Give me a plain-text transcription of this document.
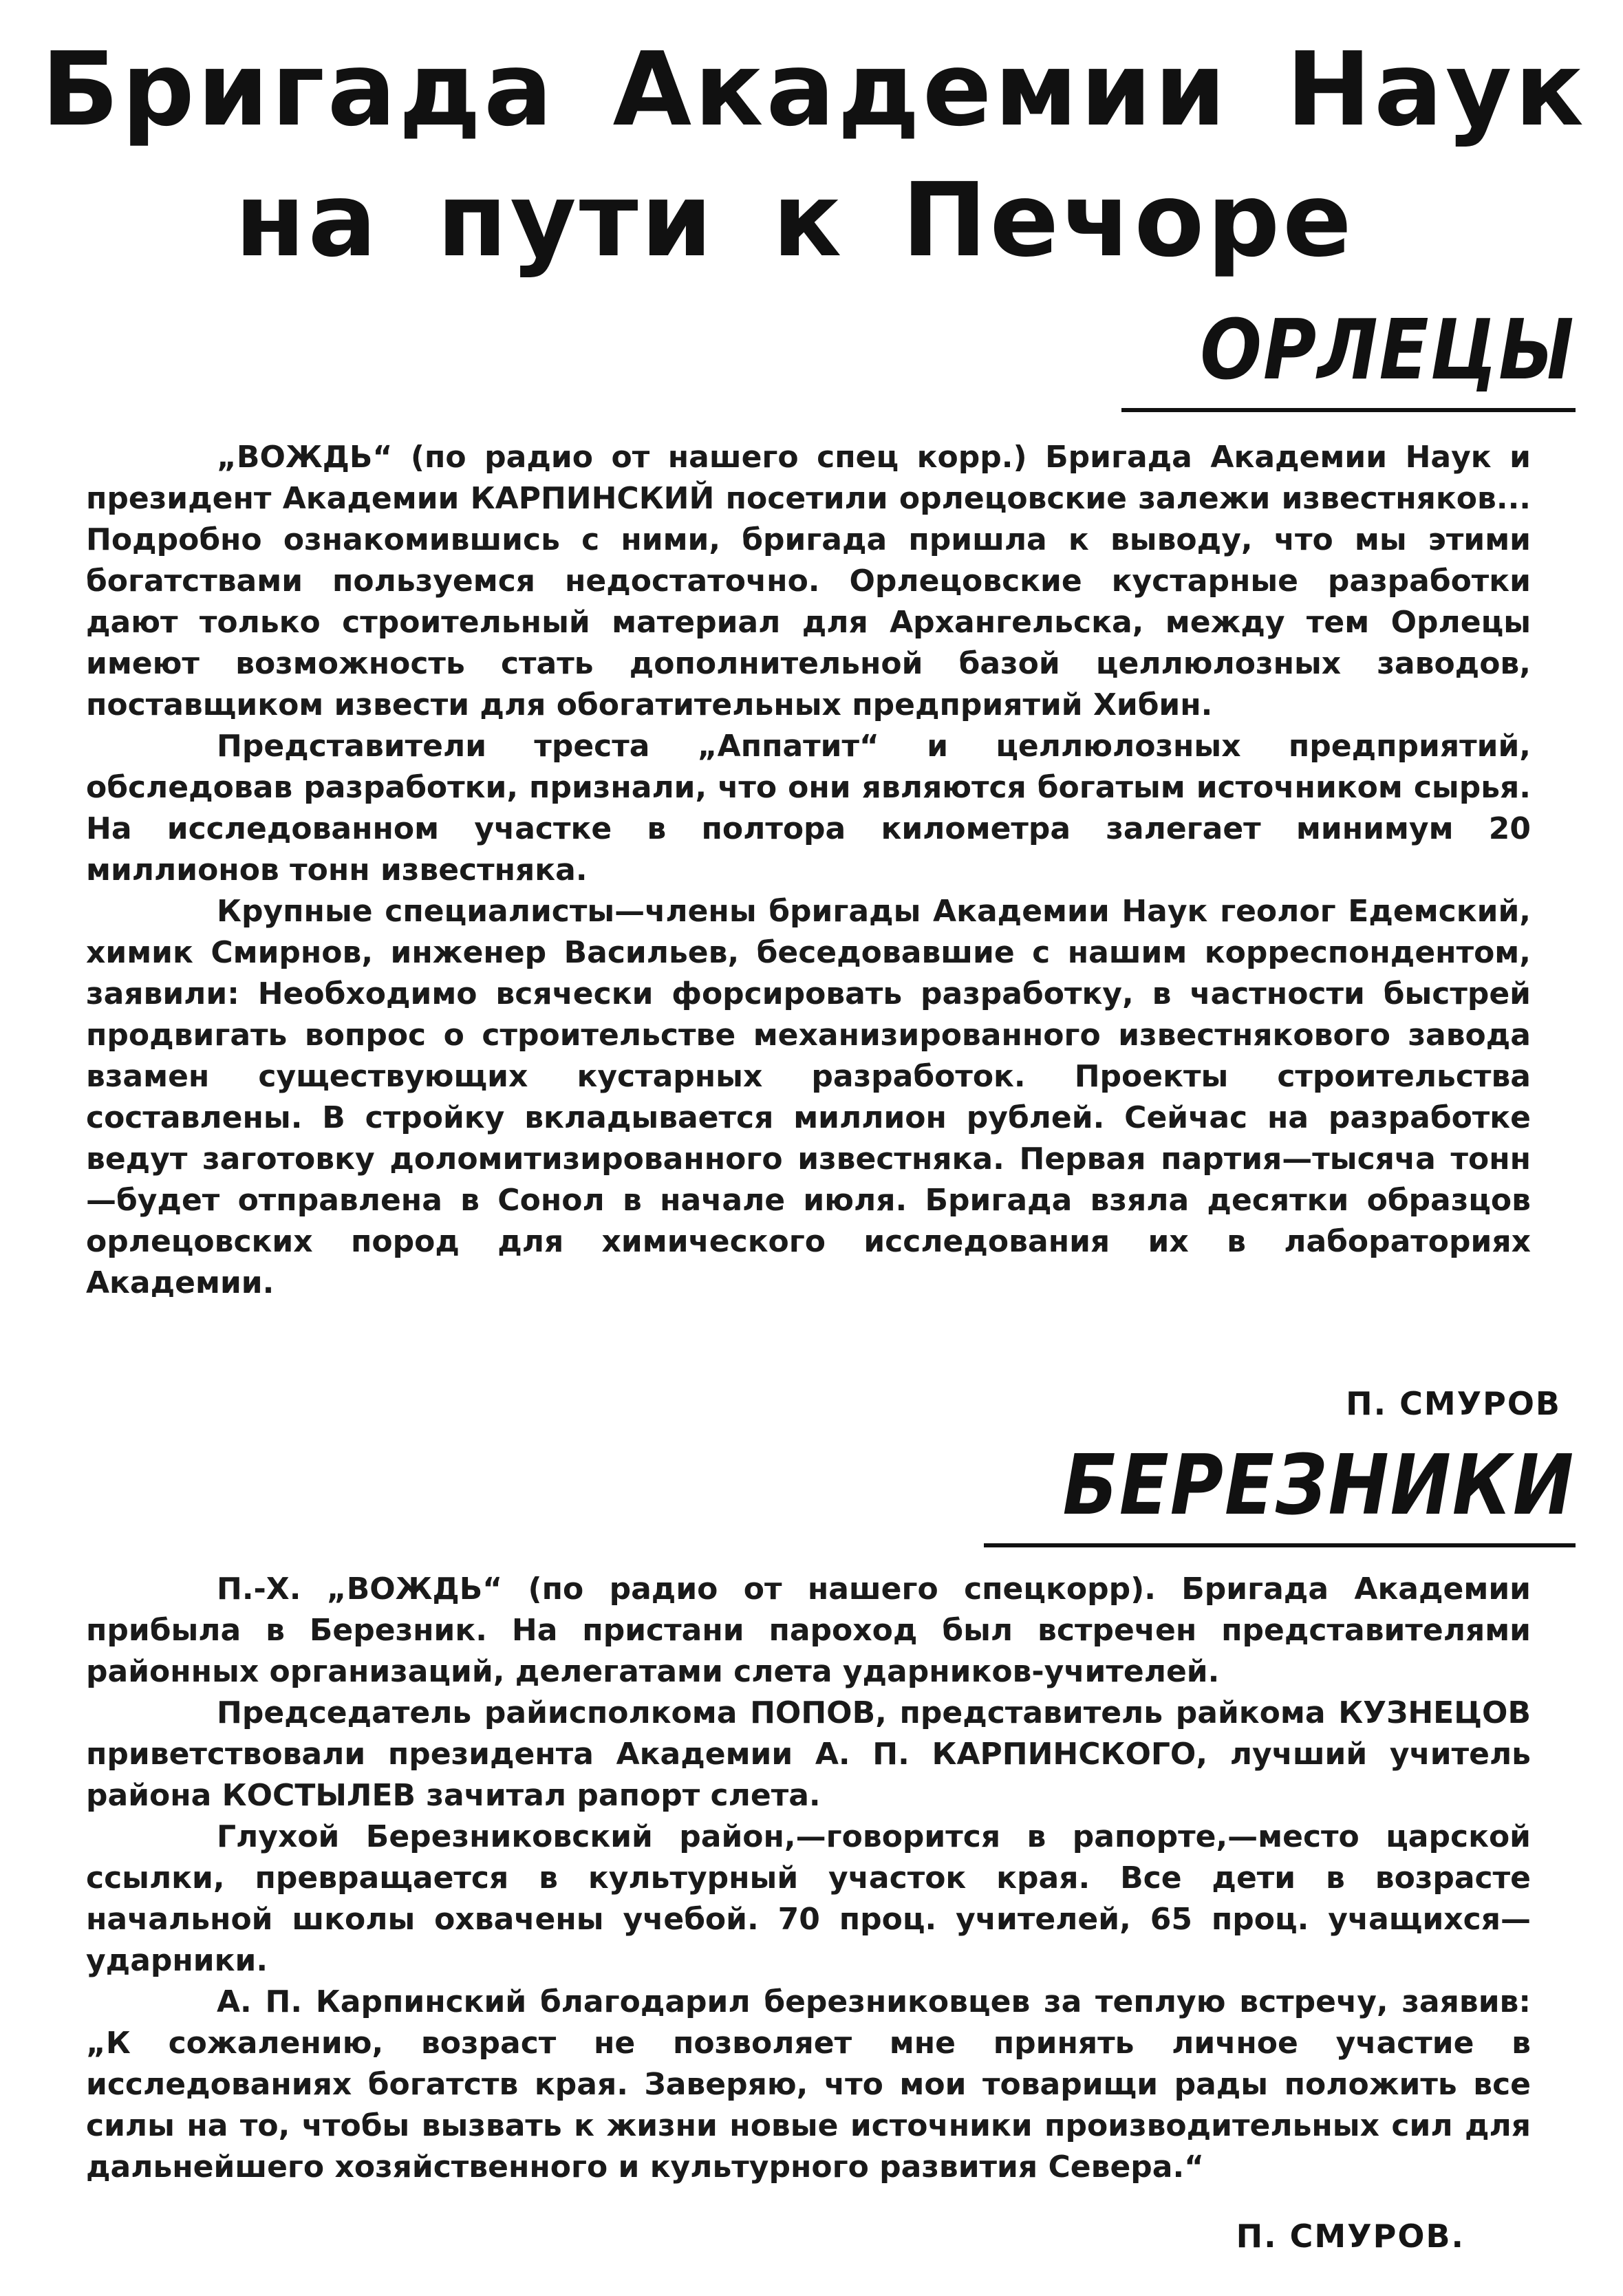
Бригада Академии Наук
на пути к Печоре
ОРЛЕЦЫ

„ВОЖДЬ“ (по радио от нашего спец корр.) Бригада Академии Наук и президент Академии КАРПИНСКИЙ посетили орлецовские залежи известняков... Подробно ознакомившись с ними, бригада пришла к выводу, что мы этими богатствами пользуемся недостаточно. Орлецовские кустарные разработки дают только строительный материал для Архангельска, между тем Орлецы имеют возможность стать дополнительной базой целлюлозных заводов, поставщиком извести для обогатительных предприятий Хибин.

Представители треста „Аппатит“ и целлюлозных предприятий, обследовав разработки, признали, что они являются богатым источником сырья. На исследованном участке в полтора километра залегает минимум 20 миллионов тонн известняка.

Крупные специалисты—члены бригады Академии Наук геолог Едемский, химик Смирнов, инженер Васильев, беседовавшие с нашим корреспондентом, заявили: Необходимо всячески форсировать разработку, в частности быстрей продвигать вопрос о строительстве механизированного известнякового завода взамен существующих кустарных разработок. Проекты строительства составлены. В стройку вкладывается миллион рублей. Сейчас на разработке ведут заготовку доломитизированного известняка. Первая партия—тысяча тонн—будет отправлена в Сонол в начале июля. Бригада взяла десятки образцов орлецовских пород для химического исследования их в лабораториях Академии.

П. СМУРОВ
БЕРЕЗНИКИ

П.-Х. „ВОЖДЬ“ (по радио от нашего спецкорр). Бригада Академии прибыла в Березник. На пристани пароход был встречен представителями районных организаций, делегатами слета ударников-учителей.

Председатель райисполкома ПОПОВ, представитель райкома КУЗНЕЦОВ приветствовали президента Академии А. П. КАРПИНСКОГО, лучший учитель района КОСТЫЛЕВ зачитал рапорт слета.

Глухой Березниковский район,—говорится в рапорте,—место царской ссылки, превращается в культурный участок края. Все дети в возрасте начальной школы охвачены учебой. 70 проц. учителей, 65 проц. учащихся—ударники.

А. П. Карпинский благодарил березниковцев за теплую встречу, заявив: „К сожалению, возраст не позволяет мне принять личное участие в исследованиях богатств края. Заверяю, что мои товарищи рады положить все силы на то, чтобы вызвать к жизни новые источники производительных сил для дальнейшего хозяйственного и культурного развития Севера.“

П. СМУРОВ.
